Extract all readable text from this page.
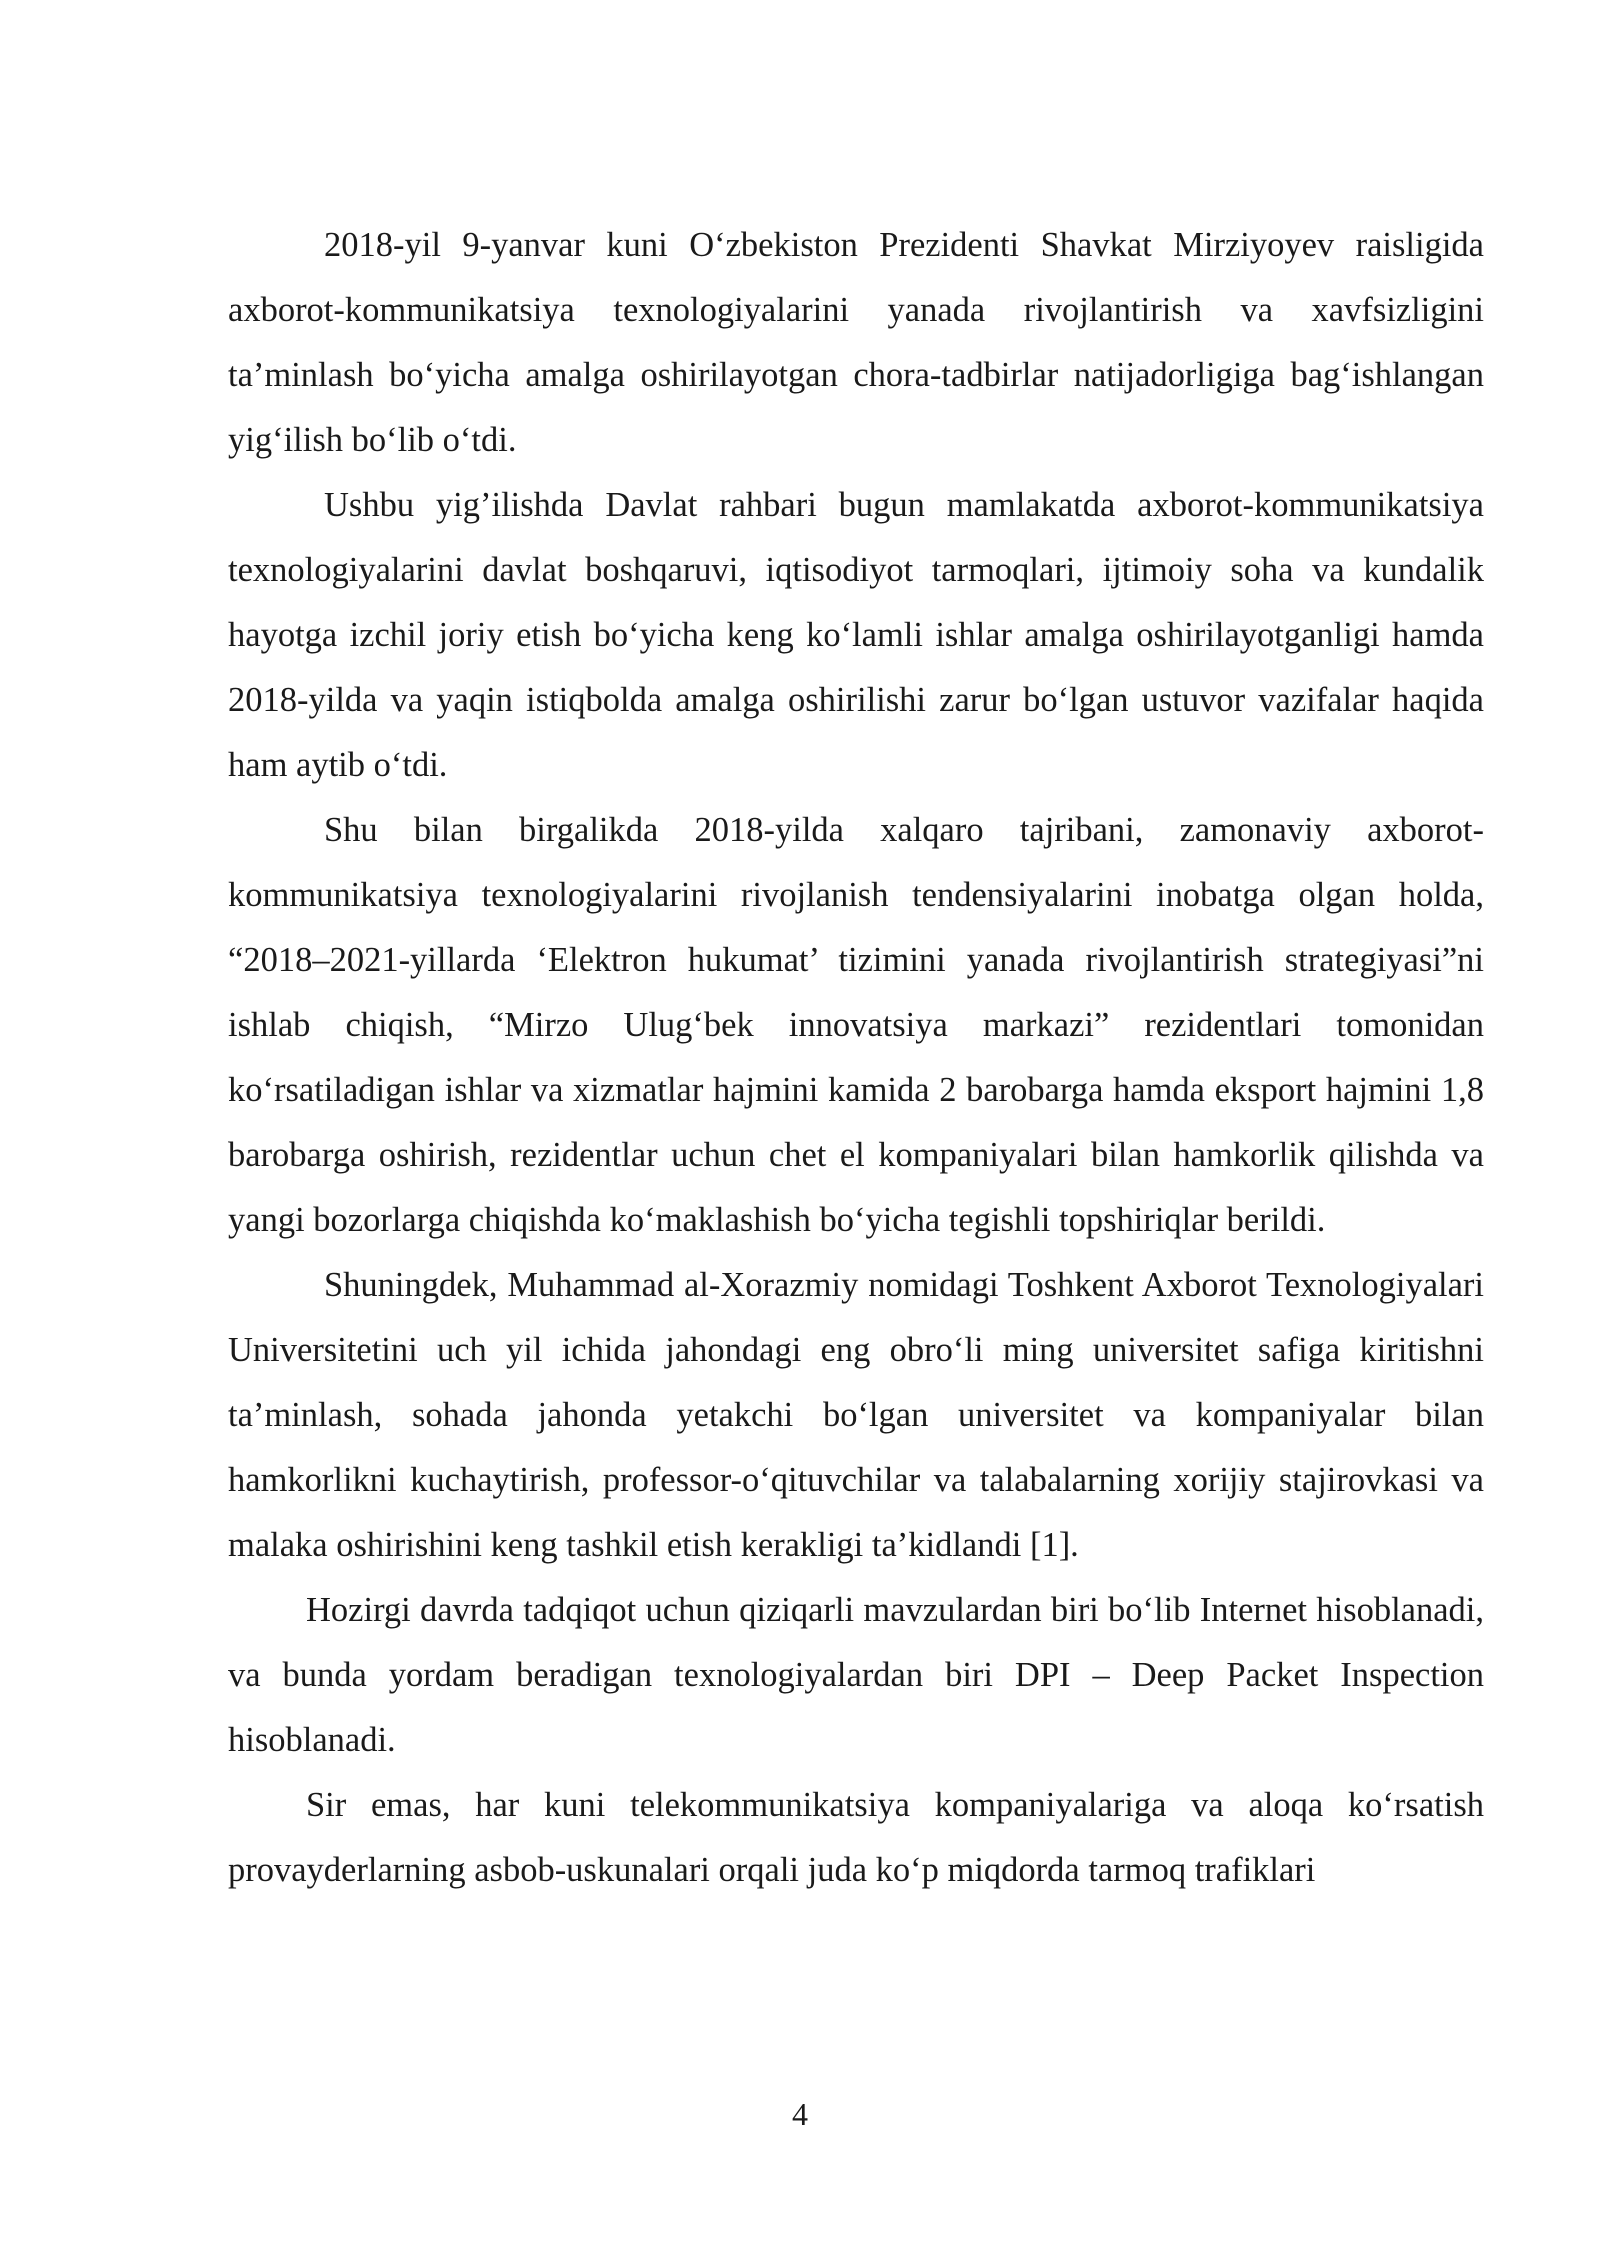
2018-yil 9-yanvar kuni O‘zbekiston Prezidenti Shavkat Mirziyoyev raisligida axborot-kommunikatsiya texnologiyalarini yanada rivojlantirish va xavfsizligini ta’minlash bo‘yicha amalga oshirilayotgan chora-tadbirlar natijadorligiga bag‘ishlangan yig‘ilish bo‘lib o‘tdi.

Ushbu yig’ilishda Davlat rahbari bugun mamlakatda axborot-kommunikatsiya texnologiyalarini davlat boshqaruvi, iqtisodiyot tarmoqlari, ijtimoiy soha va kundalik hayotga izchil joriy etish bo‘yicha keng ko‘lamli ishlar amalga oshirilayotganligi hamda 2018-yilda va yaqin istiqbolda amalga oshirilishi zarur bo‘lgan ustuvor vazifalar haqida ham aytib o‘tdi.

Shu bilan birgalikda 2018-yilda xalqaro tajribani, zamonaviy axborot-kommunikatsiya texnologiyalarini rivojlanish tendensiyalarini inobatga olgan holda, “2018–2021-yillarda ‘Elektron hukumat’ tizimini yanada rivojlantirish strategiyasi”ni ishlab chiqish, “Mirzo Ulug‘bek innovatsiya markazi” rezidentlari tomonidan ko‘rsatiladigan ishlar va xizmatlar hajmini kamida 2 barobarga hamda eksport hajmini 1,8 barobarga oshirish, rezidentlar uchun chet el kompaniyalari bilan hamkorlik qilishda va yangi bozorlarga chiqishda ko‘maklashish bo‘yicha tegishli topshiriqlar berildi.

Shuningdek, Muhammad al-Xorazmiy nomidagi Toshkent Axborot Texnologiyalari Universitetini uch yil ichida jahondagi eng obro‘li ming universitet safiga kiritishni ta’minlash, sohada jahonda yetakchi bo‘lgan universitet va kompaniyalar bilan hamkorlikni kuchaytirish, professor-o‘qituvchilar va talabalarning xorijiy stajirovkasi va malaka oshirishini keng tashkil etish kerakligi ta’kidlandi [1].

Hozirgi davrda tadqiqot uchun qiziqarli mavzulardan biri bo‘lib Internet hisoblanadi, va bunda yordam beradigan texnologiyalardan biri DPI – Deep Packet Inspection hisoblanadi.

Sir emas, har kuni telekommunikatsiya kompaniyalariga va aloqa ko‘rsatish provayderlarning asbob-uskunalari orqali juda ko‘p miqdorda tarmoq trafiklari

4
